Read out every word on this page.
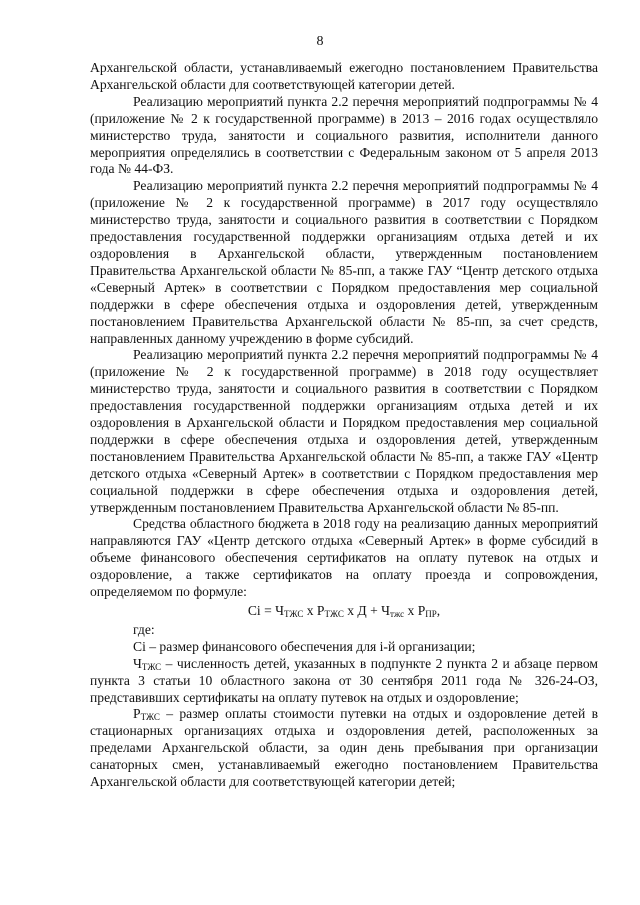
8

Архангельской области, устанавливаемый ежегодно постановлением Правительства Архангельской области для соответствующей категории детей.

Реализацию мероприятий пункта 2.2 перечня мероприятий подпрограммы № 4 (приложение № 2 к государственной программе) в 2013 – 2016 годах осуществляло министерство труда, занятости и социального развития, исполнители данного мероприятия определялись в соответствии с Федеральным законом от 5 апреля 2013 года № 44-ФЗ.

Реализацию мероприятий пункта 2.2 перечня мероприятий подпрограммы № 4 (приложение № 2 к государственной программе) в 2017 году осуществляло министерство труда, занятости и социального развития в соответствии с Порядком предоставления государственной поддержки организациям отдыха детей и их оздоровления в Архангельской области, утвержденным постановлением Правительства Архангельской области № 85-пп, а также ГАУ “Центр детского отдыха «Северный Артек» в соответствии с Порядком предоставления мер социальной поддержки в сфере обеспечения отдыха и оздоровления детей, утвержденным постановлением Правительства Архангельской области № 85-пп, за счет средств, направленных данному учреждению в форме субсидий.

Реализацию мероприятий пункта 2.2 перечня мероприятий подпрограммы № 4 (приложение № 2 к государственной программе) в 2018 году осуществляет министерство труда, занятости и социального развития в соответствии с Порядком предоставления государственной поддержки организациям отдыха детей и их оздоровления в Архангельской области и Порядком предоставления мер социальной поддержки в сфере обеспечения отдыха и оздоровления детей, утвержденным постановлением Правительства Архангельской области № 85-пп, а также ГАУ «Центр детского отдыха «Северный Артек» в соответствии с Порядком предоставления мер социальной поддержки в сфере обеспечения отдыха и оздоровления детей, утвержденным постановлением Правительства Архангельской области № 85-пп.

Средства областного бюджета в 2018 году на реализацию данных мероприятий направляются ГАУ «Центр детского отдыха «Северный Артек» в форме субсидий в объеме финансового обеспечения сертификатов на оплату путевок на отдых и оздоровление, а также сертификатов на оплату проезда и сопровождения, определяемом по формуле:

$Ci = Ч_{ТЖС}$ х $Р_{ТЖС}$ х $Д + Ч_{тжс}$ х $Р_{ПР}$,

где:

Ci – размер финансового обеспечения для i-й организации;

$Ч_{ТЖС}$ – численность детей, указанных в подпункте 2 пункта 2 и абзаце первом пункта 3 статьи 10 областного закона от 30 сентября 2011 года № 326-24-ОЗ, представивших сертификаты на оплату путевок на отдых и оздоровление;

$Р_{ТЖС}$ – размер оплаты стоимости путевки на отдых и оздоровление детей в стационарных организациях отдыха и оздоровления детей, расположенных за пределами Архангельской области, за один день пребывания при организации санаторных смен, устанавливаемый ежегодно постановлением Правительства Архангельской области для соответствующей категории детей;
